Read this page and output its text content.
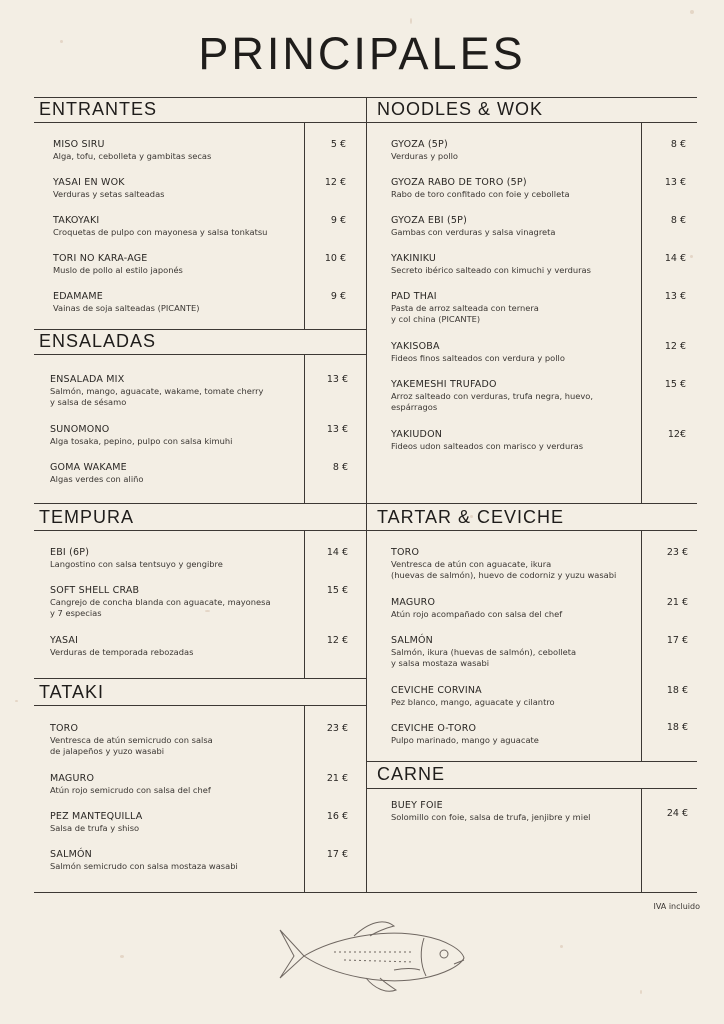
PRINCIPALES
ENTRANTES
ENSALADAS
TEMPURA
TATAKI
NOODLES & WOK
TARTAR & CEVICHE
CARNE
MISO SIRU
Alga, tofu, cebolleta y gambitas secas
5 €
YASAI EN WOK
Verduras y setas salteadas
12 €
TAKOYAKI
Croquetas de pulpo con mayonesa y salsa tonkatsu
9 €
TORI NO KARA-AGE
Muslo de pollo al estilo japonés
10 €
EDAMAME
Vainas de soja salteadas (PICANTE)
9 €
ENSALADA MIX
Salmón, mango, aguacate, wakame, tomate cherry
y salsa de sésamo
13 €
SUNOMONO
Alga tosaka, pepino, pulpo con salsa kimuhi
13 €
GOMA WAKAME
Algas verdes con aliño
8 €
EBI (6P)
Langostino con salsa tentsuyo y gengibre
14 €
SOFT SHELL CRAB
Cangrejo de concha blanda con aguacate, mayonesa
y 7 especias
15 €
YASAI
Verduras de temporada rebozadas
12 €
TORO
Ventresca de atún semicrudo con salsa
de jalapeños y yuzo wasabi
23 €
MAGURO
Atún rojo semicrudo con salsa del chef
21 €
PEZ MANTEQUILLA
Salsa de trufa y shiso
16 €
SALMÓN
Salmón semicrudo con salsa mostaza wasabi
17 €
GYOZA (5P)
Verduras y pollo
8 €
GYOZA RABO DE TORO (5P)
Rabo de toro confitado con foie y cebolleta
13 €
GYOZA EBI (5P)
Gambas con verduras y salsa vinagreta
8 €
YAKINIKU
Secreto ibérico salteado con kimuchi y verduras
14 €
PAD THAI
Pasta de arroz salteada con ternera
y col china (PICANTE)
13 €
YAKISOBA
Fideos finos salteados con verdura y pollo
12 €
YAKEMESHI TRUFADO
Arroz salteado con verduras, trufa negra, huevo,
espárragos
15 €
YAKIUDON
Fideos udon salteados con marisco y verduras
12€
TORO
Ventresca de atún con aguacate, ikura
(huevas de salmón), huevo de codorniz y yuzu wasabi
23 €
MAGURO
Atún rojo acompañado con salsa del chef
21 €
SALMÓN
Salmón, ikura (huevas de salmón), cebolleta
y salsa mostaza wasabi
17 €
CEVICHE CORVINA
Pez blanco, mango, aguacate y cilantro
18 €
CEVICHE O-TORO
Pulpo marinado, mango y aguacate
18 €
BUEY FOIE
Solomillo con foie, salsa de trufa, jenjibre y miel	24 €
IVA incluido
